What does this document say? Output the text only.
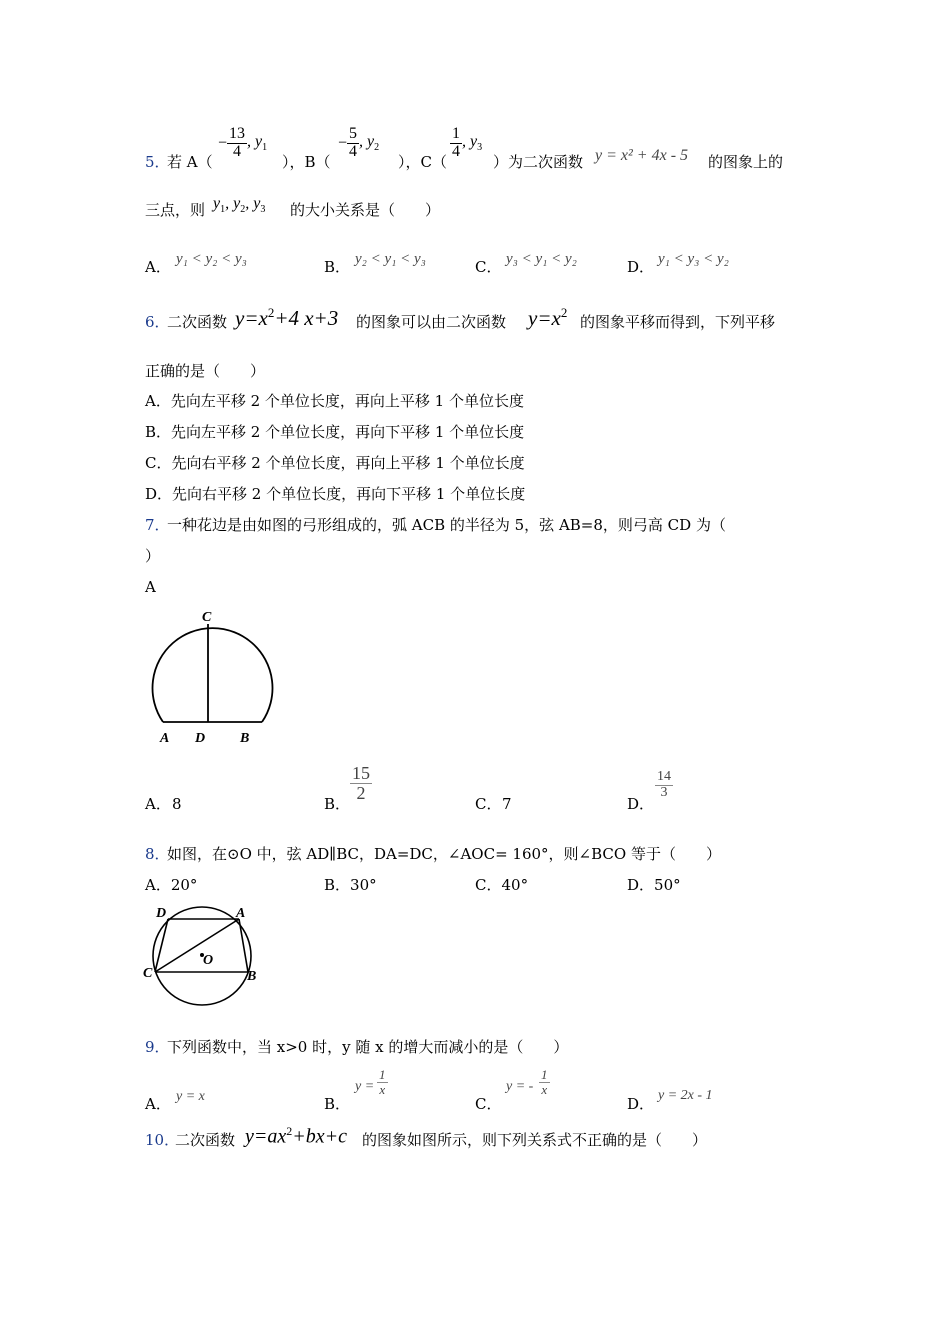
5．
若 A（
− $\frac{13}{4}$ , $y_1$
），B（
− $\frac{5}{4}$ , $y_2$
），C（
$\frac{1}{4}$ , $y_3$
）为二次函数 y = x² + 4x - 5 的图象上的
三点，则 $y_1$, $y_2$, $y_3$ 的大小关系是（　　）
A． y₁ < y₂ < y₃	B． y₂ < y₁ < y₃	C． y₃ < y₁ < y₂	D． y₁ < y₃ < y₂
6．
二次函数 $y=x^2+4$ x+3 的图象可以由二次函数 $y=x^2$
的图象平移而得到，下列平移
正确的是（　　）
A．先向左平移 2 个单位长度，再向上平移 1 个单位长度
B．先向左平移 2 个单位长度，再向下平移 1 个单位长度
C．先向右平移 2 个单位长度，再向上平移 1 个单位长度
D．先向右平移 2 个单位长度，再向下平移 1 个单位长度
7．
一种花边是由如图的弓形组成的，弧 ACB 的半径为 5，弦 AB=8，则弓高 CD 为（
）
A
C
A D B
A． 8	B．
$\frac{15}{2}$
C． 7	D．
$\frac{14}{3}$
8．
如图，在⊙O 中，弦 AD∥BC，DA=DC，∠AOC= 160°，则∠BCO 等于（　　）
A．20°	B．30°	C．40°	D．50°
D	A
O
C	B
9．
下列函数中，当 x>0 时，y 随 x 的增大而减小的是（　　）
A． y = x	B．
$y = \frac{1}{x}$
C．
y = - $\frac{1}{x}$
D． y = 2x - 1
10．
二次函数 $y=ax^2+bx+c$ 的图象如图所示，则下列关系式不正确的是（　　）
